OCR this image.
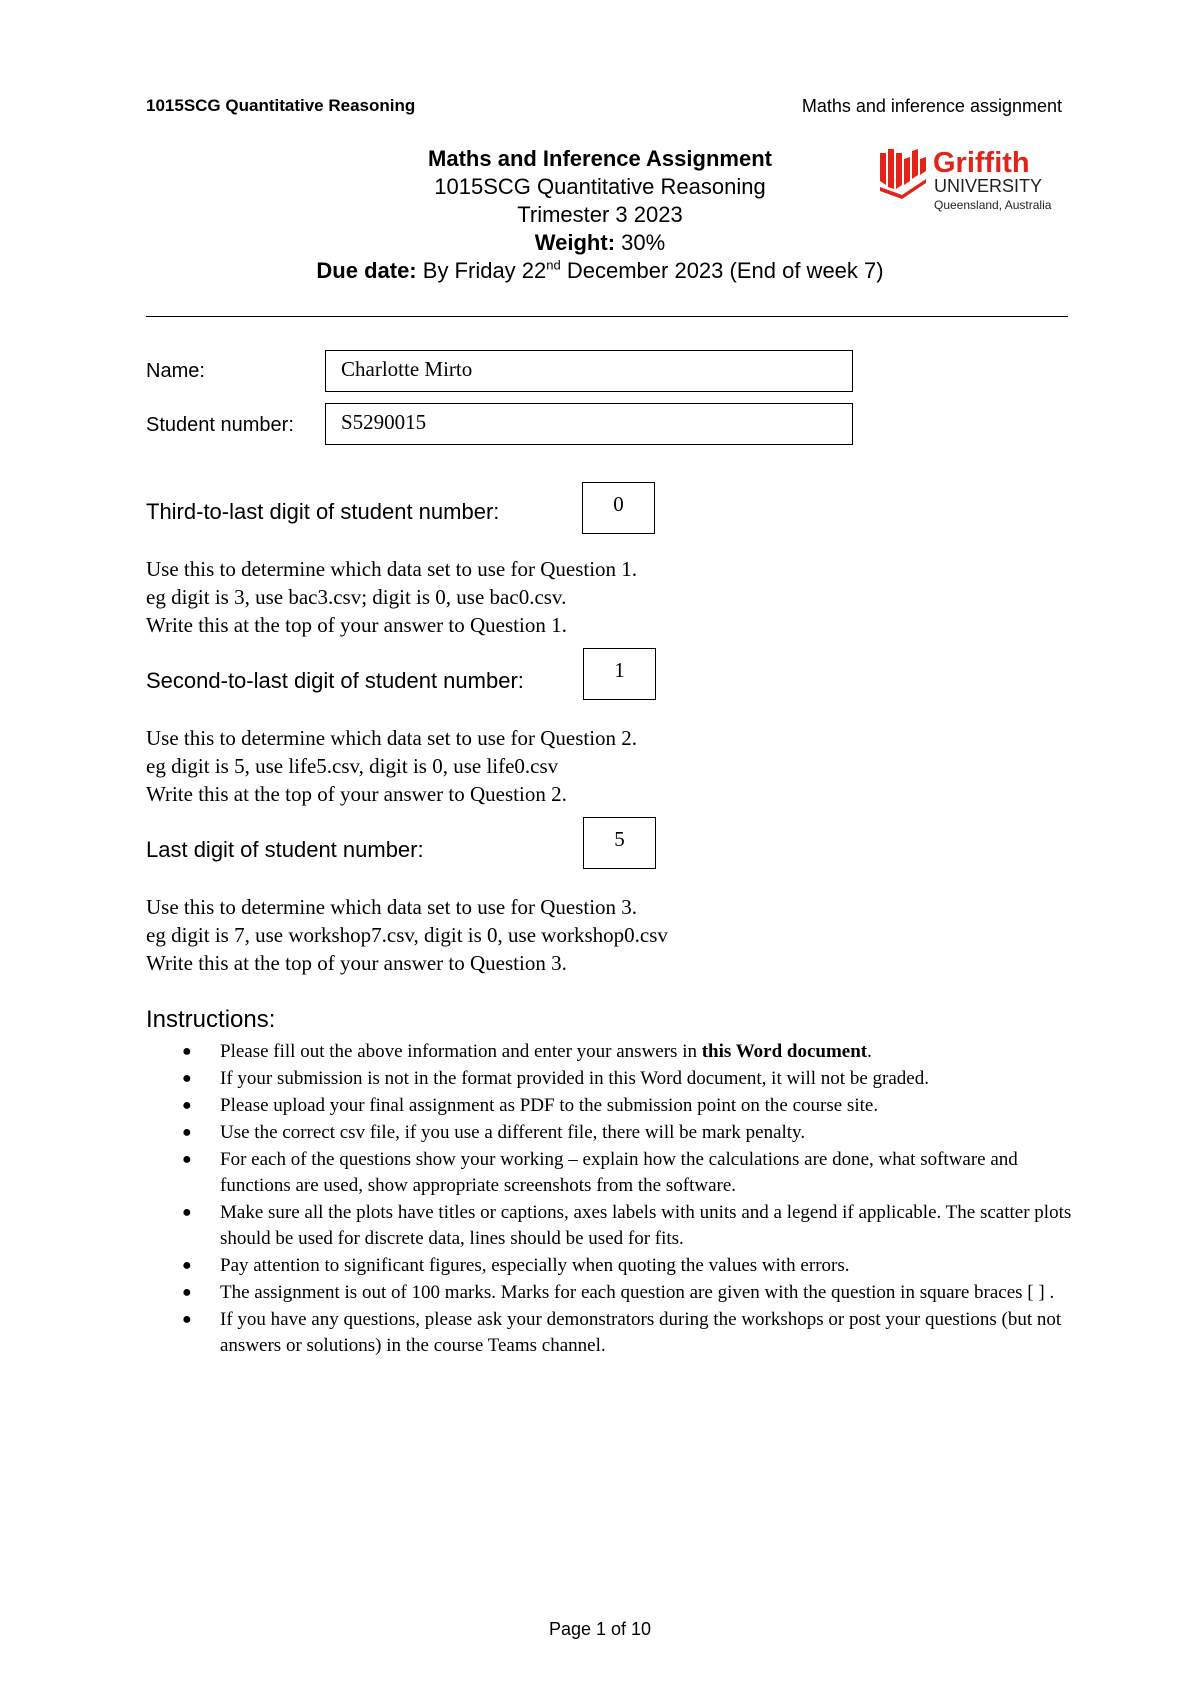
1015SCG Quantitative Reasoning	Maths and inference assignment
Maths and Inference Assignment
1015SCG Quantitative Reasoning
Trimester 3 2023
Weight: 30%
Due date: By Friday 22nd December 2023 (End of week 7)
Griffith
UNIVERSITY
Queensland, Australia
Name:	Charlotte Mirto
Student number:	S5290015
Third-to-last digit of student number:	0
Use this to determine which data set to use for Question 1.
eg digit is 3, use bac3.csv; digit is 0, use bac0.csv.
Write this at the top of your answer to Question 1.
Second-to-last digit of student number:	1
Use this to determine which data set to use for Question 2.
eg digit is 5, use life5.csv, digit is 0, use life0.csv
Write this at the top of your answer to Question 2.
Last digit of student number:	5
Use this to determine which data set to use for Question 3.
eg digit is 7, use workshop7.csv, digit is 0, use workshop0.csv
Write this at the top of your answer to Question 3.
Instructions:
● Please fill out the above information and enter your answers in this Word document.
● If your submission is not in the format provided in this Word document, it will not be graded.
● Please upload your final assignment as PDF to the submission point on the course site.
● Use the correct csv file, if you use a different file, there will be mark penalty.
● For each of the questions show your working – explain how the calculations are done, what software and functions are used, show appropriate screenshots from the software.
● Make sure all the plots have titles or captions, axes labels with units and a legend if applicable. The scatter plots should be used for discrete data, lines should be used for fits.
● Pay attention to significant figures, especially when quoting the values with errors.
● The assignment is out of 100 marks. Marks for each question are given with the question in square braces [ ] .
● If you have any questions, please ask your demonstrators during the workshops or post your questions (but not answers or solutions) in the course Teams channel.
Page 1 of 10
